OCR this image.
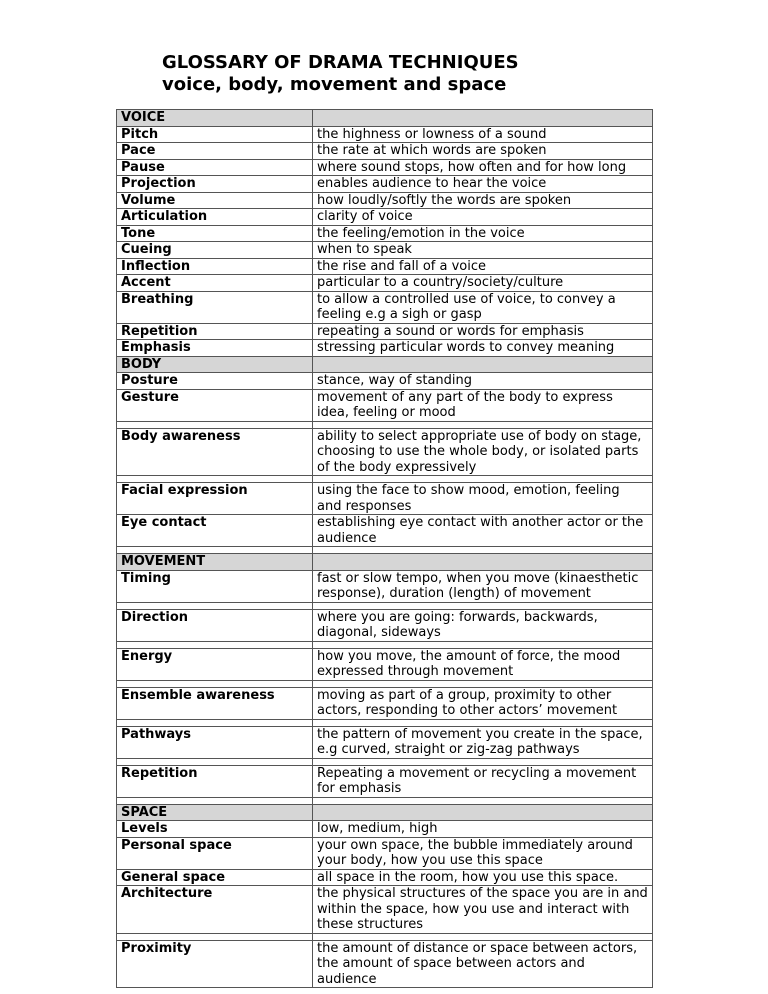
GLOSSARY OF DRAMA TECHNIQUES
voice, body, movement and space
VOICE	
Pitch	the highness or lowness of a sound
Pace	the rate at which words are spoken
Pause	where sound stops, how often and for how long
Projection	enables audience to hear the voice
Volume	how loudly/softly the words are spoken
Articulation	clarity of voice
Tone	the feeling/emotion in the voice
Cueing	when to speak
Inflection	the rise and fall of a voice
Accent	particular to a country/society/culture
Breathing	to allow a controlled use of voice, to convey a feeling e.g a sigh or gasp
Repetition	repeating a sound or words for emphasis
Emphasis	stressing particular words to convey meaning
BODY	
Posture	stance, way of standing
Gesture	movement of any part of the body to express idea, feeling or mood

Body awareness	ability to select appropriate use of body on stage, choosing to use the whole body, or isolated parts of the body expressively

Facial expression	using the face to show mood, emotion, feeling and responses
Eye contact	establishing eye contact with another actor or the audience

MOVEMENT	
Timing	fast or slow tempo, when you move (kinaesthetic response), duration (length) of movement

Direction	where you are going: forwards, backwards, diagonal, sideways

Energy	how you move, the amount of force, the mood expressed through movement

Ensemble awareness	moving as part of a group, proximity to other actors, responding to other actors’ movement

Pathways	the pattern of movement you create in the space, e.g curved, straight or zig-zag pathways

Repetition	Repeating a movement or recycling a movement for emphasis

SPACE	
Levels	low, medium, high
Personal space	your own space, the bubble immediately around your body, how you use this space
General space	all space in the room, how you use this space.
Architecture	the physical structures of the space you are in and within the space, how you use and interact with these structures

Proximity	the amount of distance or space between actors, the amount of space between actors and audience
